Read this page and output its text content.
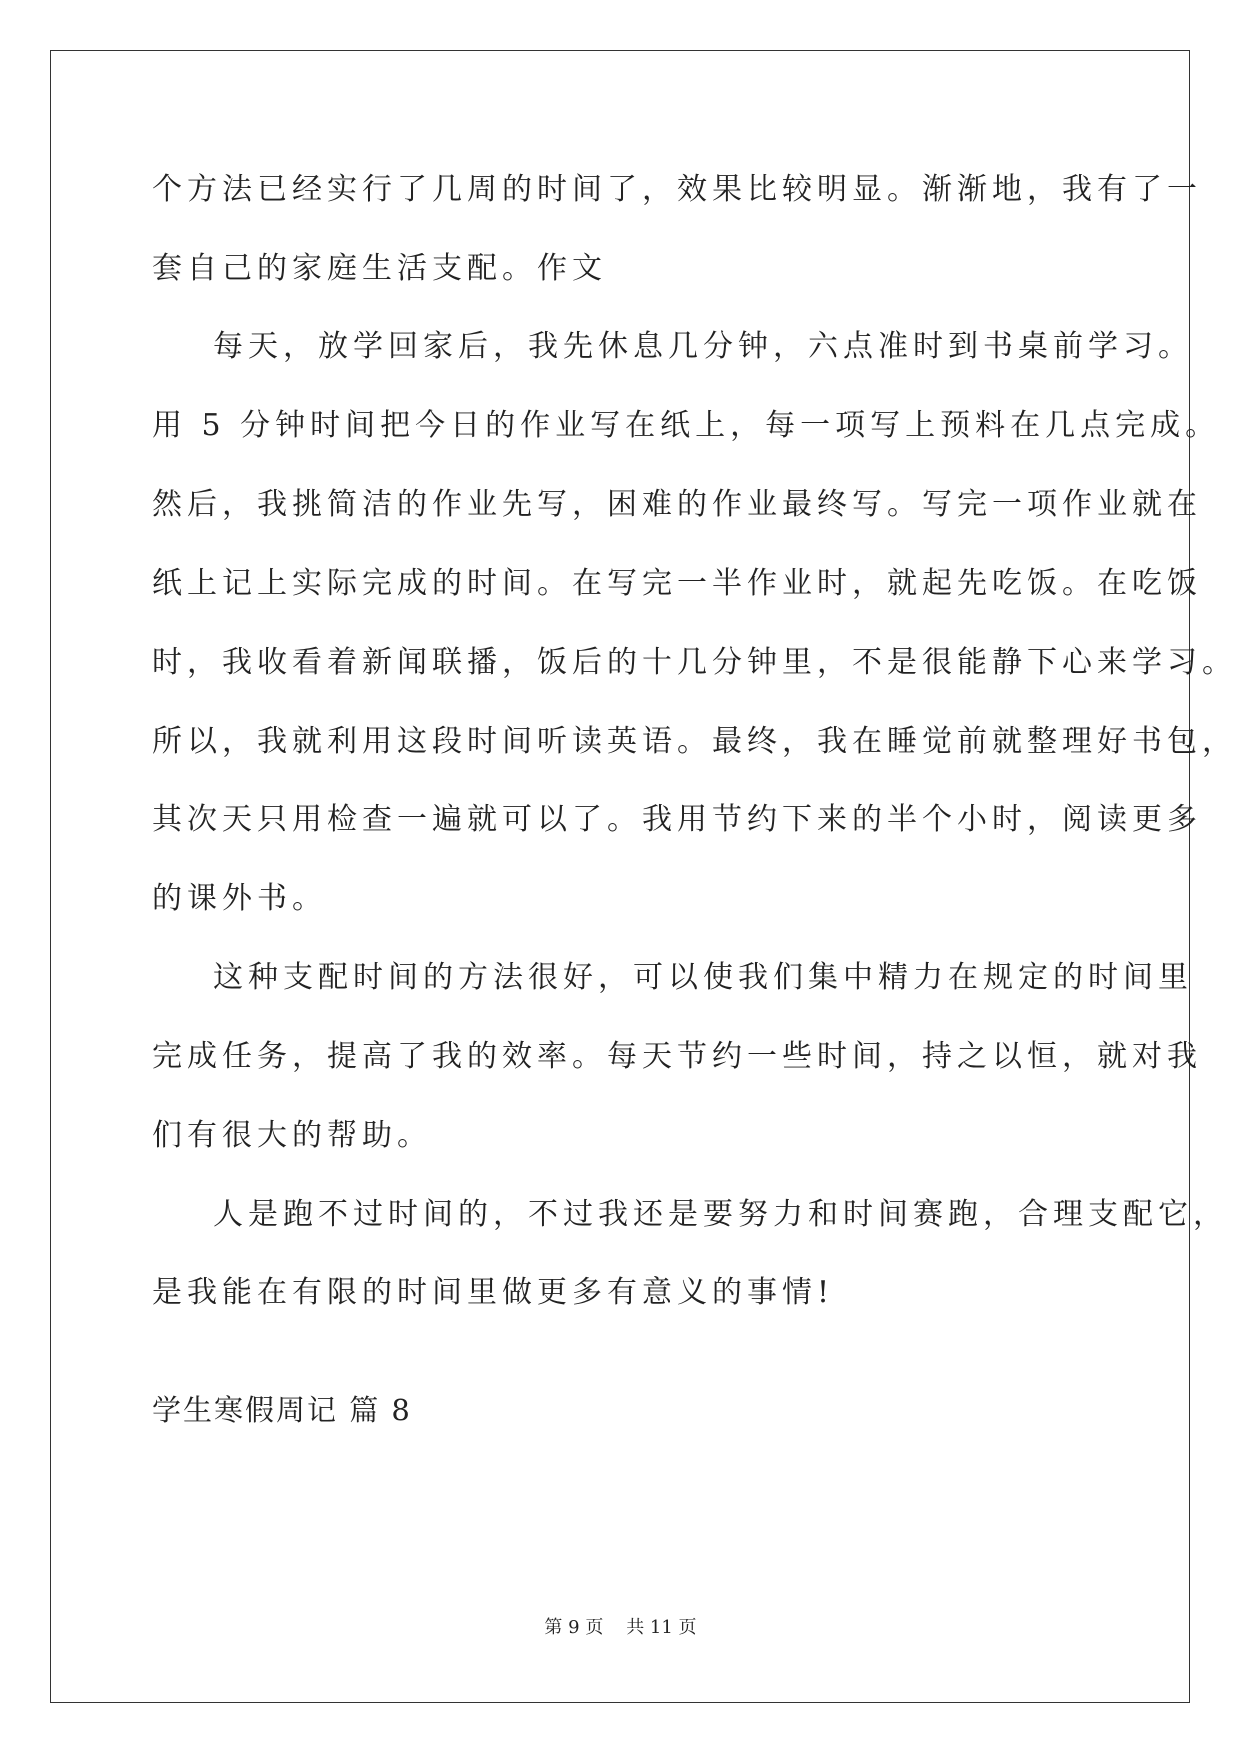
个方法已经实行了几周的时间了，效果比较明显。渐渐地，我有了一
套自己的家庭生活支配。作文
每天，放学回家后，我先休息几分钟，六点准时到书桌前学习。
用 5 分钟时间把今日的作业写在纸上，每一项写上预料在几点完成。
然后，我挑简洁的作业先写，困难的作业最终写。写完一项作业就在
纸上记上实际完成的时间。在写完一半作业时，就起先吃饭。在吃饭
时，我收看着新闻联播，饭后的十几分钟里，不是很能静下心来学习。
所以，我就利用这段时间听读英语。最终，我在睡觉前就整理好书包，
其次天只用检查一遍就可以了。我用节约下来的半个小时，阅读更多
的课外书。
这种支配时间的方法很好，可以使我们集中精力在规定的时间里
完成任务，提高了我的效率。每天节约一些时间，持之以恒，就对我
们有很大的帮助。
人是跑不过时间的，不过我还是要努力和时间赛跑，合理支配它，
是我能在有限的时间里做更多有意义的事情!
学生寒假周记 篇 8
第 9 页    共 11 页
